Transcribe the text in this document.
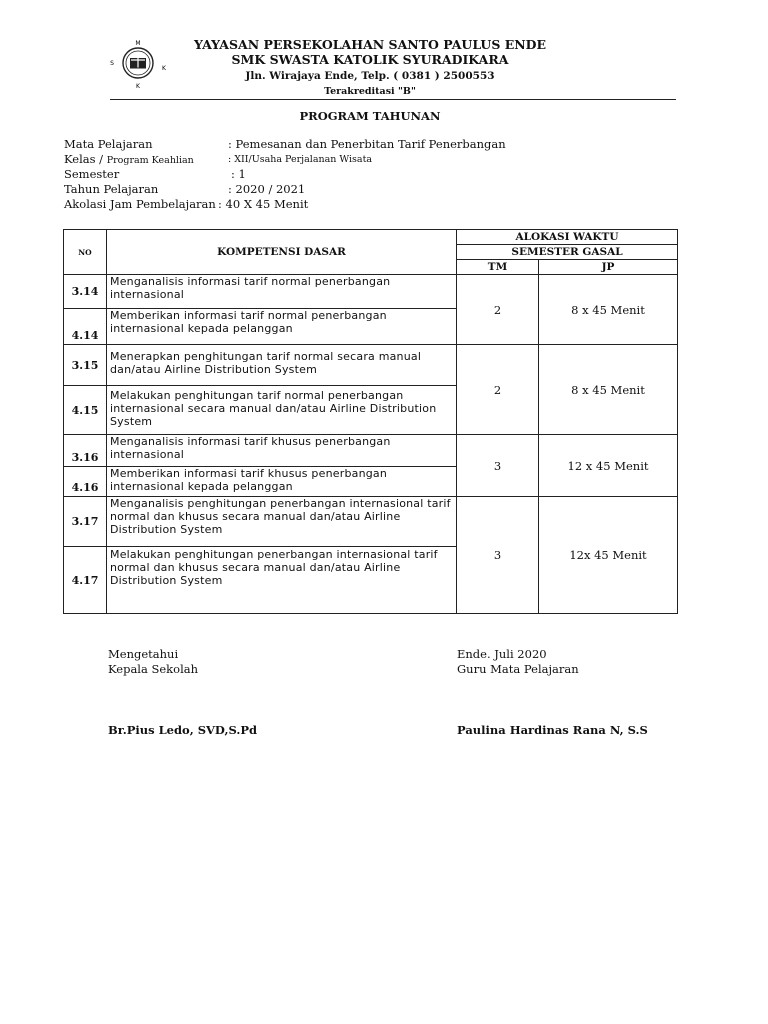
M
S
K
K
YAYASAN PERSEKOLAHAN SANTO PAULUS ENDE
SMK SWASTA KATOLIK SYURADIKARA
Jln. Wirajaya Ende, Telp. ( 0381 ) 2500553
Terakreditasi "B"
PROGRAM TAHUNAN
Mata Pelajaran	: Pemesanan dan Penerbitan Tarif Penerbangan
Kelas / Program Keahlian	: XII/Usaha Perjalanan Wisata
Semester	: 1
Tahun Pelajaran	: 2020 / 2021
Akolasi Jam Pembelajaran : 40 X 45 Menit
NO	KOMPETENSI DASAR	ALOKASI WAKTU	
		SEMESTER GASAL	
		TM	JP
3.14	Menganalisis informasi tarif normal penerbangan internasional	2	8 x 45 Menit
4.14	Memberikan informasi tarif normal penerbangan internasional kepada pelanggan		
3.15	Menerapkan penghitungan tarif normal secara manual dan/atau Airline Distribution System	2	8 x 45 Menit
4.15	Melakukan penghitungan tarif normal penerbangan internasional secara manual dan/atau Airline Distribution System		
3.16	Menganalisis informasi tarif khusus penerbangan internasional	3	12 x 45 Menit
4.16	Memberikan informasi tarif khusus penerbangan internasional kepada pelanggan		
3.17	Menganalisis penghitungan penerbangan internasional tarif normal dan khusus secara manual dan/atau Airline Distribution System	3	12x 45 Menit
4.17	Melakukan penghitungan penerbangan internasional tarif normal dan khusus secara manual dan/atau Airline Distribution System		
Mengetahui
Kepala Sekolah
Br.Pius Ledo, SVD,S.Pd
Ende. Juli 2020
Guru Mata Pelajaran
Paulina Hardinas Rana N, S.S
